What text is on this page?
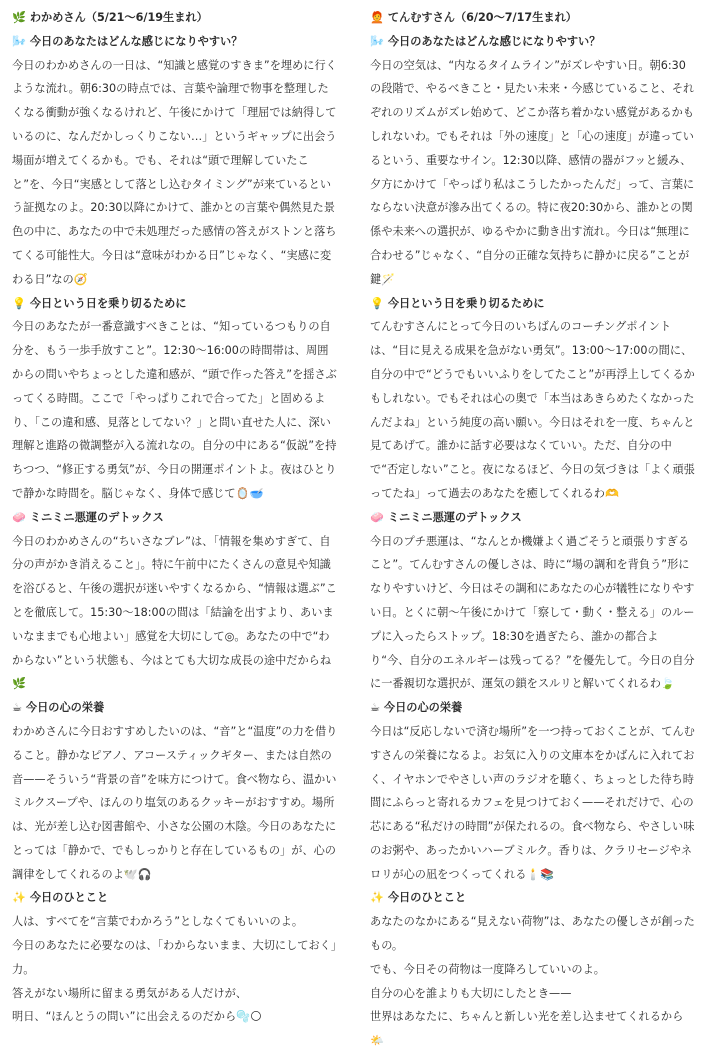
🌿 わかめさん（5/21〜6/19生まれ）

🌬️ 今日のあなたはどんな感じになりやすい？

今日のわかめさんの一日は、“知識と感覚のすきま”を埋めに行くような流れ。朝6:30の時点では、言葉や論理で物事を整理したくなる衝動が強くなるけれど、午後にかけて「理屈では納得しているのに、なんだかしっくりこない…」というギャップに出会う場面が増えてくるかも。でも、それは“頭で理解していたこと”を、今日“実感として落とし込むタイミング”が来ているという証拠なのよ。20:30以降にかけて、誰かとの言葉や偶然見た景色の中に、あなたの中で未処理だった感情の答えがストンと落ちてくる可能性大。今日は“意味がわかる日”じゃなく、“実感に変わる日”なの🧭

💡 今日という日を乗り切るために

今日のあなたが一番意識すべきことは、“知っているつもりの自分を、もう一歩手放すこと”。12:30〜16:00の時間帯は、周囲からの問いやちょっとした違和感が、“頭で作った答え”を揺さぶってくる時間。ここで「やっぱりこれで合ってた」と固めるより、「この違和感、見落としてない？」と問い直せた人に、深い理解と進路の微調整が入る流れなの。自分の中にある“仮説”を持ちつつ、“修正する勇気”が、今日の開運ポイントよ。夜はひとりで静かな時間を。脳じゃなく、身体で感じて🪞🥣

🧼 ミニミニ悪運のデトックス

今日のわかめさんの“ちいさなブレ”は、「情報を集めすぎて、自分の声がかき消えること」。特に午前中にたくさんの意見や知識を浴びると、午後の選択が迷いやすくなるから、“情報は選ぶ”ことを徹底して。15:30〜18:00の間は「結論を出すより、あいまいなままでも心地よい」感覚を大切にして◎。あなたの中で“わからない”という状態も、今はとても大切な成長の途中だからね🌿

☕ 今日の心の栄養

わかめさんに今日おすすめしたいのは、“音”と“温度”の力を借りること。静かなピアノ、アコースティックギター、または自然の音——そういう“背景の音”を味方につけて。食べ物なら、温かいミルクスープや、ほんのり塩気のあるクッキーがおすすめ。場所は、光が差し込む図書館や、小さな公園の木陰。今日のあなたにとっては「静かで、でもしっかりと存在しているもの」が、心の調律をしてくれるのよ🕊️🎧

✨ 今日のひとこと

人は、すべてを“言葉でわかろう”としなくてもいいのよ。

今日のあなたに必要なのは、「わからないまま、大切にしておく」力。

答えがない場所に留まる勇気がある人だけが、

明日、“ほんとうの問い”に出会えるのだから🫧🌕

🧑‍🦰 てんむすさん（6/20〜7/17生まれ）

🌬️ 今日のあなたはどんな感じになりやすい？

今日の空気は、“内なるタイムライン”がズレやすい日。朝6:30の段階で、やるべきこと・見たい未来・今感じていること、それぞれのリズムがズレ始めて、どこか落ち着かない感覚があるかもしれないわ。でもそれは「外の速度」と「心の速度」が違っているという、重要なサイン。12:30以降、感情の器がフッと緩み、夕方にかけて「やっぱり私はこうしたかったんだ」って、言葉にならない決意が滲み出てくるの。特に夜20:30から、誰かとの関係や未来への選択が、ゆるやかに動き出す流れ。今日は“無理に合わせる”じゃなく、“自分の正確な気持ちに静かに戻る”ことが鍵🪄

💡 今日という日を乗り切るために

てんむすさんにとって今日のいちばんのコーチングポイントは、“目に見える成果を急がない勇気”。13:00〜17:00の間に、自分の中で“どうでもいいふりをしてたこと”が再浮上してくるかもしれない。でもそれは心の奥で「本当はあきらめたくなかったんだよね」という純度の高い願い。今日はそれを一度、ちゃんと見てあげて。誰かに話す必要はなくていい。ただ、自分の中で“否定しない”こと。夜になるほど、今日の気づきは「よく頑張ってたね」って過去のあなたを癒してくれるわ🫶

🧼 ミニミニ悪運のデトックス

今日のプチ悪運は、“なんとか機嫌よく過ごそうと頑張りすぎること”。てんむすさんの優しさは、時に“場の調和を背負う”形になりやすいけど、今日はその調和にあなたの心が犠牲になりやすい日。とくに朝〜午後にかけて「察して・動く・整える」のループに入ったらストップ。18:30を過ぎたら、誰かの都合より“今、自分のエネルギーは残ってる？”を優先して。今日の自分に一番親切な選択が、運気の鎖をスルリと解いてくれるわ🍃

☕ 今日の心の栄養

今日は“反応しないで済む場所”を一つ持っておくことが、てんむすさんの栄養になるよ。お気に入りの文庫本をかばんに入れておく、イヤホンでやさしい声のラジオを聴く、ちょっとした待ち時間にふらっと寄れるカフェを見つけておく——それだけで、心の芯にある“私だけの時間”が保たれるの。食べ物なら、やさしい味のお粥や、あったかいハーブミルク。香りは、クラリセージやネロリが心の凪をつくってくれる🕯️📚

✨ 今日のひとこと

あなたのなかにある“見えない荷物”は、あなたの優しさが創ったもの。

でも、今日その荷物は一度降ろしていいのよ。

自分の心を誰よりも大切にしたとき——

世界はあなたに、ちゃんと新しい光を差し込ませてくれるから🌤️
